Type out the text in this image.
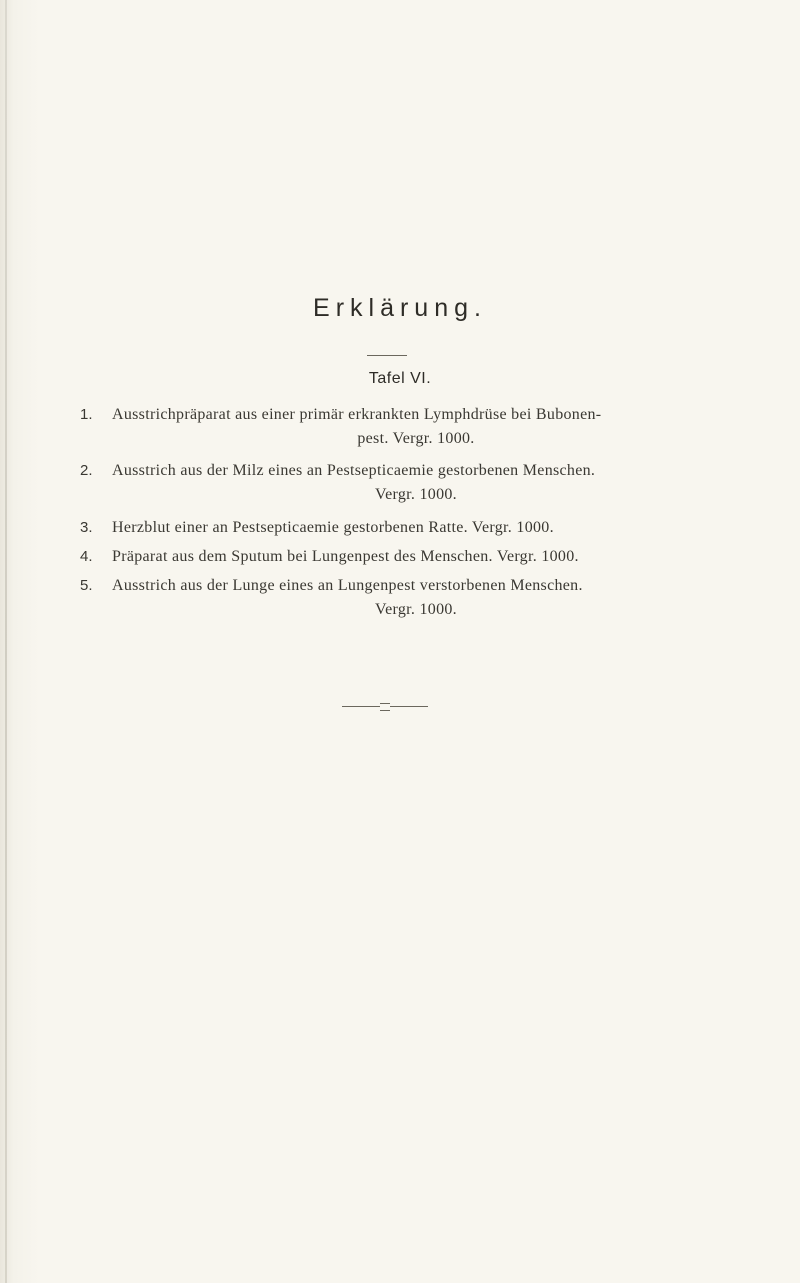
Erklärung.
Tafel VI.
1.	Ausstrichpräparat aus einer primär erkrankten Lymphdrüse bei Bubonen-
pest. Vergr. 1000.
2.	Ausstrich aus der Milz eines an Pestsepticaemie gestorbenen Menschen.
Vergr. 1000.
3.	Herzblut einer an Pestsepticaemie gestorbenen Ratte. Vergr. 1000.
4.	Präparat aus dem Sputum bei Lungenpest des Menschen. Vergr. 1000.
5.	Ausstrich aus der Lunge eines an Lungenpest verstorbenen Menschen.
Vergr. 1000.
